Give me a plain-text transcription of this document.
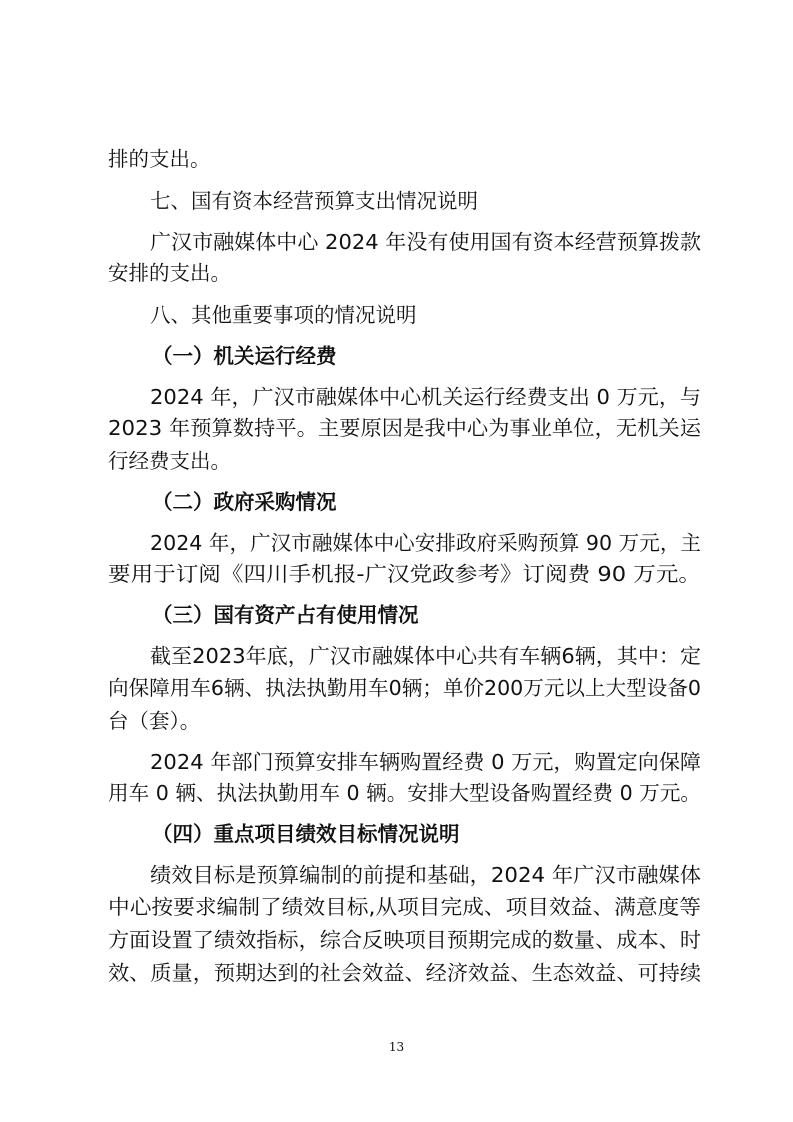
排的支出。
七、国有资本经营预算支出情况说明
广汉市融媒体中心 2024 年没有使用国有资本经营预算拨款
安排的支出。
八、其他重要事项的情况说明
（一）机关运行经费
2024 年，广汉市融媒体中心机关运行经费支出 0 万元，与
2023 年预算数持平。主要原因是我中心为事业单位，无机关运
行经费支出。
（二）政府采购情况
2024 年，广汉市融媒体中心安排政府采购预算 90 万元，主
要用于订阅《四川手机报-广汉党政参考》订阅费 90 万元。
（三）国有资产占有使用情况
截至2023年底，广汉市融媒体中心共有车辆6辆，其中：定
向保障用车6辆、执法执勤用车0辆；单价200万元以上大型设备0
台（套）。
2024 年部门预算安排车辆购置经费 0 万元，购置定向保障
用车 0 辆、执法执勤用车 0 辆。安排大型设备购置经费 0 万元。
（四）重点项目绩效目标情况说明
绩效目标是预算编制的前提和基础，2024 年广汉市融媒体
中心按要求编制了绩效目标,从项目完成、项目效益、满意度等
方面设置了绩效指标，综合反映项目预期完成的数量、成本、时
效、质量，预期达到的社会效益、经济效益、生态效益、可持续
13
